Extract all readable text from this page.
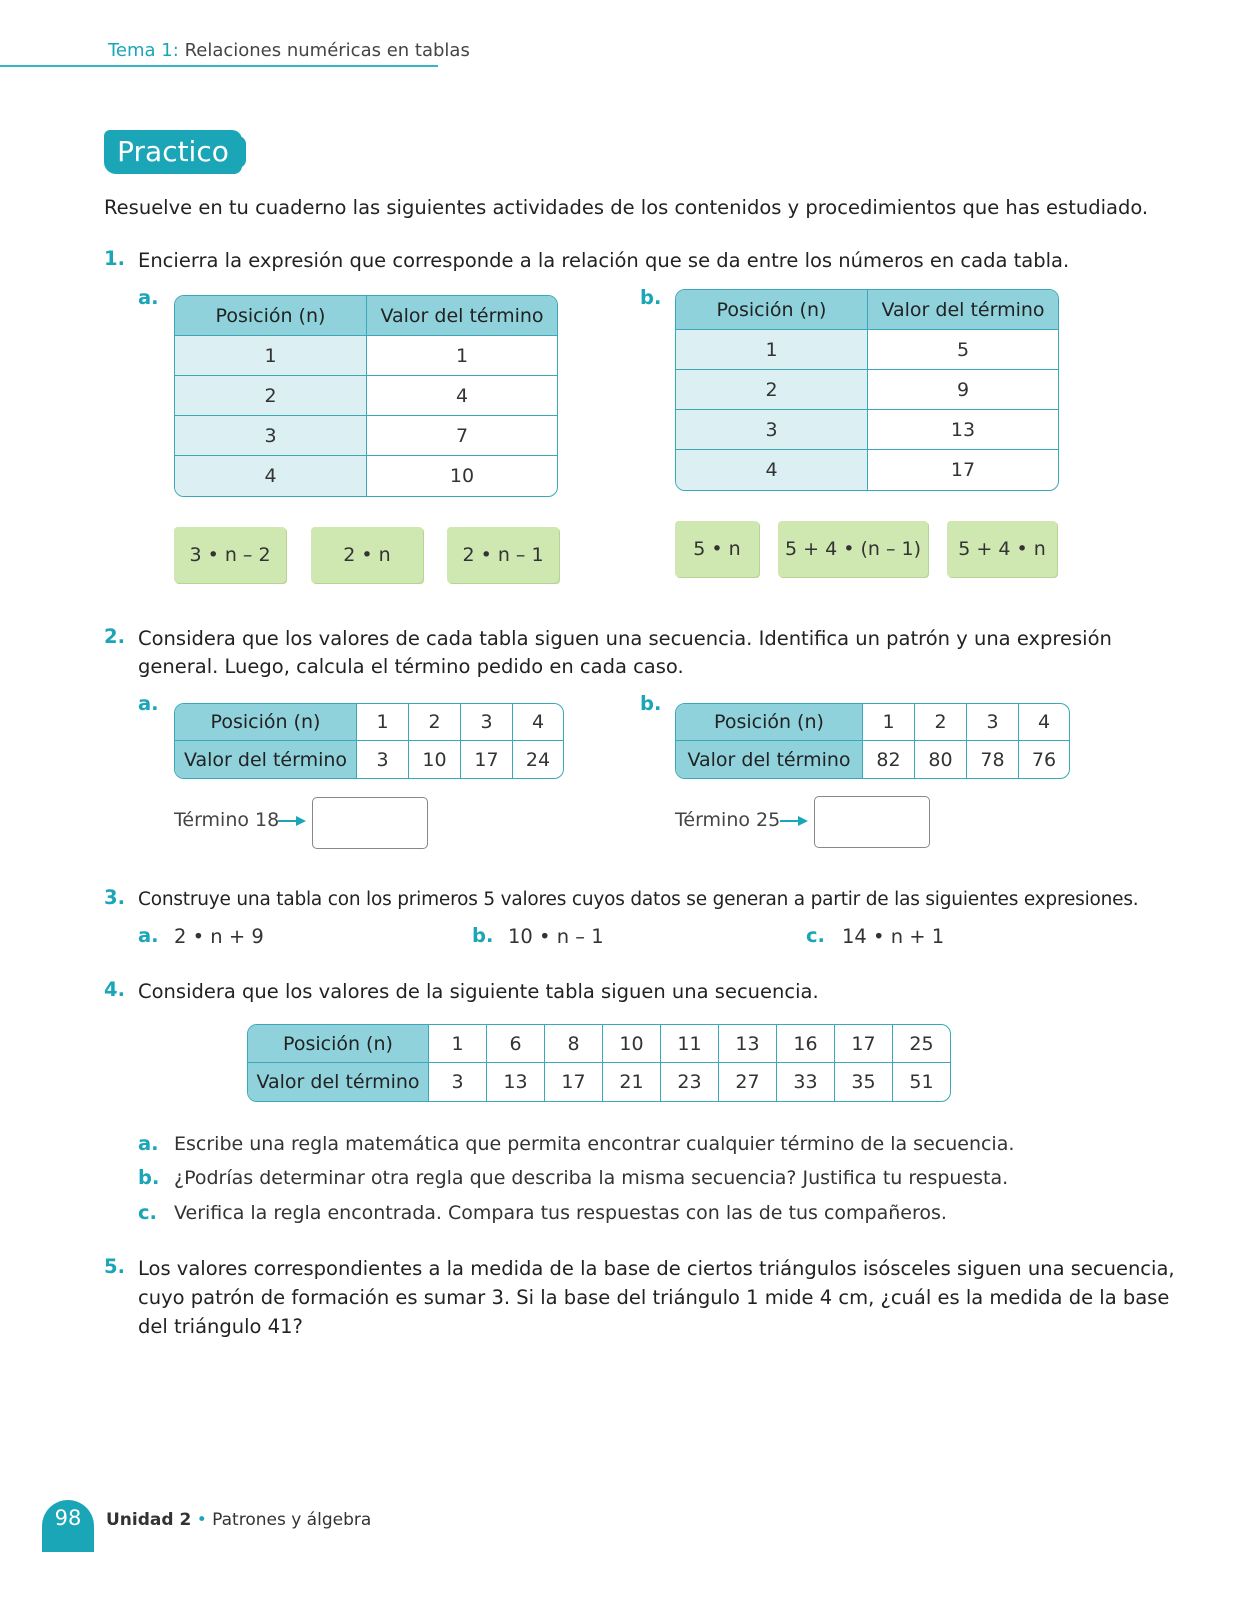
Tema 1: Relaciones numéricas en tablas
Practico
Resuelve en tu cuaderno las siguientes actividades de los contenidos y procedimientos que has estudiado.
1. Encierra la expresión que corresponde a la relación que se da entre los números en cada tabla.
a.
Posición (n)	Valor del término
1	1
2	4
3	7
4	10
3 • n – 2	2 • n	2 • n – 1
b.
Posición (n)	Valor del término
1	5
2	9
3	13
4	17
5 • n	5 + 4 • (n – 1)	5 + 4 • n
2. Considera que los valores de cada tabla siguen una secuencia. Identifica un patrón y una expresión
general. Luego, calcula el término pedido en cada caso.
a.
Posición (n)	1	2	3	4
Valor del término	3	10	17	24
Término 18
b.
Posición (n)	1	2	3	4
Valor del término	82	80	78	76
Término 25
3. Construye una tabla con los primeros 5 valores cuyos datos se generan a partir de las siguientes expresiones.
a. 2 • n + 9	b. 10 • n – 1	c. 14 • n + 1
4. Considera que los valores de la siguiente tabla siguen una secuencia.
Posición (n)	1	6	8	10	11	13	16	17	25
Valor del término	3	13	17	21	23	27	33	35	51
a. Escribe una regla matemática que permita encontrar cualquier término de la secuencia.
b. ¿Podrías determinar otra regla que describa la misma secuencia? Justifica tu respuesta.
c. Verifica la regla encontrada. Compara tus respuestas con las de tus compañeros.
5. Los valores correspondientes a la medida de la base de ciertos triángulos isósceles siguen una secuencia,
cuyo patrón de formación es sumar 3. Si la base del triángulo 1 mide 4 cm, ¿cuál es la medida de la base
del triángulo 41?
98	Unidad 2 • Patrones y álgebra
